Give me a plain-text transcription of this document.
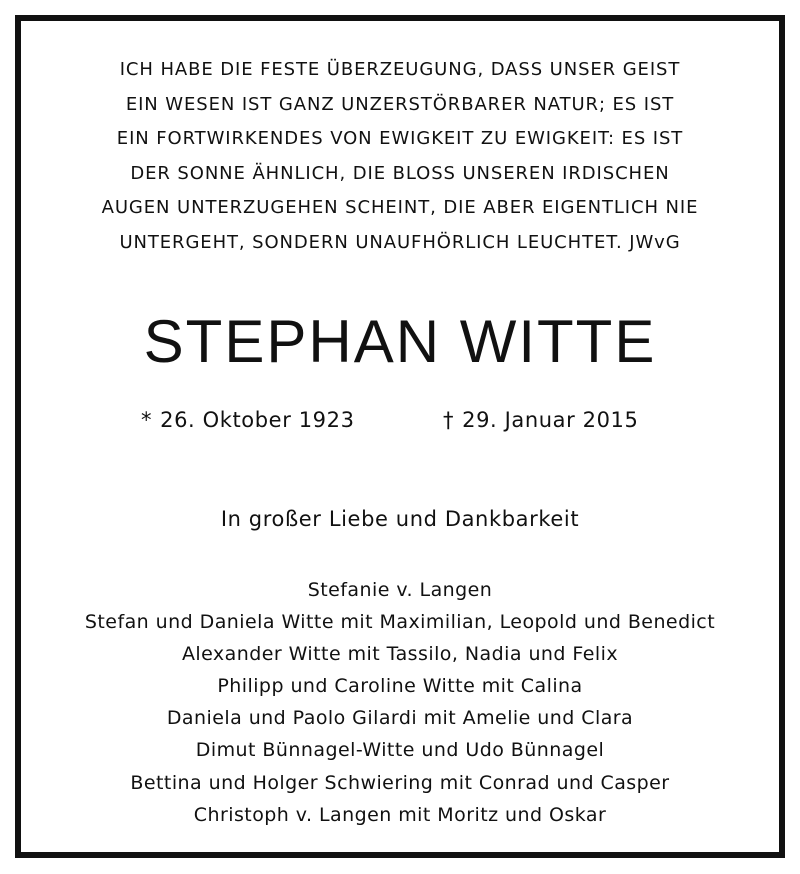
ICH HABE DIE FESTE ÜBERZEUGUNG, DASS UNSER GEIST
EIN WESEN IST GANZ UNZERSTÖRBARER NATUR; ES IST
EIN FORTWIRKENDES VON EWIGKEIT ZU EWIGKEIT: ES IST
DER SONNE ÄHNLICH, DIE BLOSS UNSEREN IRDISCHEN
AUGEN UNTERZUGEHEN SCHEINT, DIE ABER EIGENTLICH NIE
UNTERGEHT, SONDERN UNAUFHÖRLICH LEUCHTET. JWvG
STEPHAN WITTE
* 26. Oktober 1923	† 29. Januar 2015
In großer Liebe und Dankbarkeit
Stefanie v. Langen
Stefan und Daniela Witte mit Maximilian, Leopold und Benedict
Alexander Witte mit Tassilo, Nadia und Felix
Philipp und Caroline Witte mit Calina
Daniela und Paolo Gilardi mit Amelie und Clara
Dimut Bünnagel-Witte und Udo Bünnagel
Bettina und Holger Schwiering mit Conrad und Casper
Christoph v. Langen mit Moritz und Oskar
